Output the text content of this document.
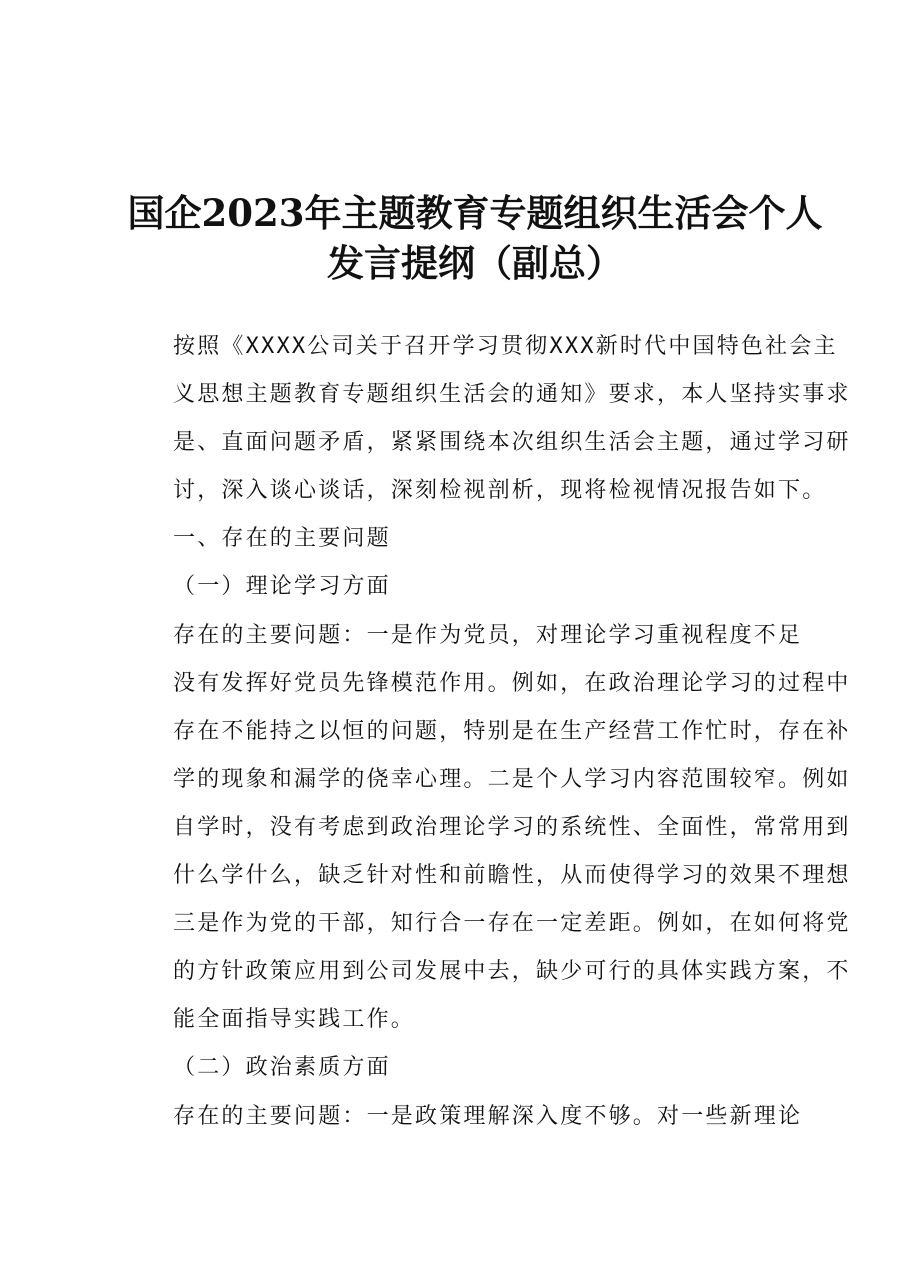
国企2023年主题教育专题组织生活会个人发言提纲（副总）

按照《XXXX公司关于召开学习贯彻XXX新时代中国特色社会主
义思想主题教育专题组织生活会的通知》要求，本人坚持实事求
是、直面问题矛盾，紧紧围绕本次组织生活会主题，通过学习研
讨，深入谈心谈话，深刻检视剖析，现将检视情况报告如下。

一、存在的主要问题

（一）理论学习方面

存在的主要问题：一是作为党员，对理论学习重视程度不足
没有发挥好党员先锋模范作用。例如，在政治理论学习的过程中
存在不能持之以恒的问题，特别是在生产经营工作忙时，存在补
学的现象和漏学的侥幸心理。二是个人学习内容范围较窄。例如
自学时，没有考虑到政治理论学习的系统性、全面性，常常用到
什么学什么，缺乏针对性和前瞻性，从而使得学习的效果不理想
三是作为党的干部，知行合一存在一定差距。例如，在如何将党
的方针政策应用到公司发展中去，缺少可行的具体实践方案，不
能全面指导实践工作。

（二）政治素质方面

存在的主要问题：一是政策理解深入度不够。对一些新理论
